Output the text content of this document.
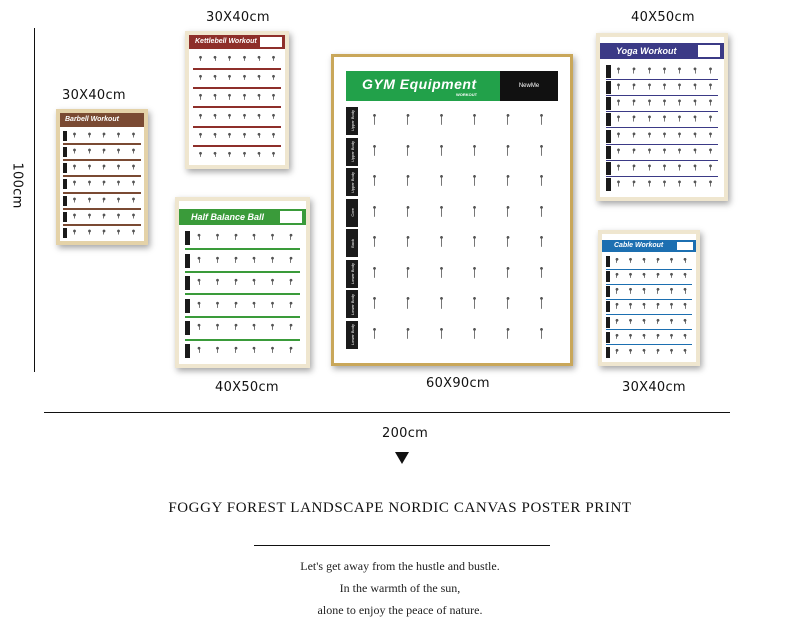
100cm
30X40cm
Barbell Workout
30X40cm
Kettlebell Workout
Half Balance Ball
40X50cm
GYM Equipment
WORKOUT
NewMe
Upper Body
Upper Body
Upper Body
Core
Back
Lower Body
Lower Body
Lower Body
60X90cm
40X50cm
Yoga Workout
Cable Workout
30X40cm
200cm
FOGGY FOREST LANDSCAPE NORDIC CANVAS POSTER PRINT
Let's get away from the hustle and bustle.
In the warmth of the sun,
alone to enjoy the peace of nature.
